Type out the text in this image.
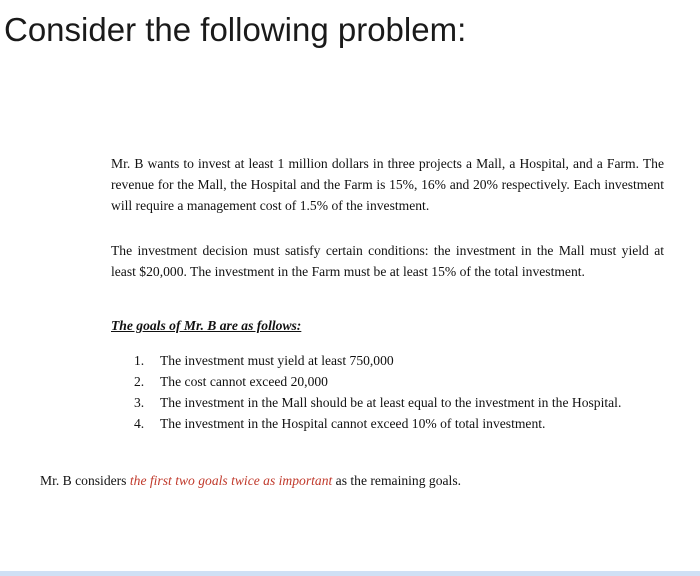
Consider the following problem:

Mr. B wants to invest at least 1 million dollars in three projects a Mall, a Hospital, and a Farm. The revenue for the Mall, the Hospital and the Farm is 15%, 16% and 20% respectively. Each investment will require a management cost of 1.5% of the investment.

The investment decision must satisfy certain conditions: the investment in the Mall must yield at least $20,000. The investment in the Farm must be at least 15% of the total investment.

The goals of Mr. B are as follows:

1.	The investment must yield at least 750,000
2.	The cost cannot exceed 20,000
3.	The investment in the Mall should be at least equal to the investment in the Hospital.
4.	The investment in the Hospital cannot exceed 10% of total investment.

Mr. B considers the first two goals twice as important as the remaining goals.
